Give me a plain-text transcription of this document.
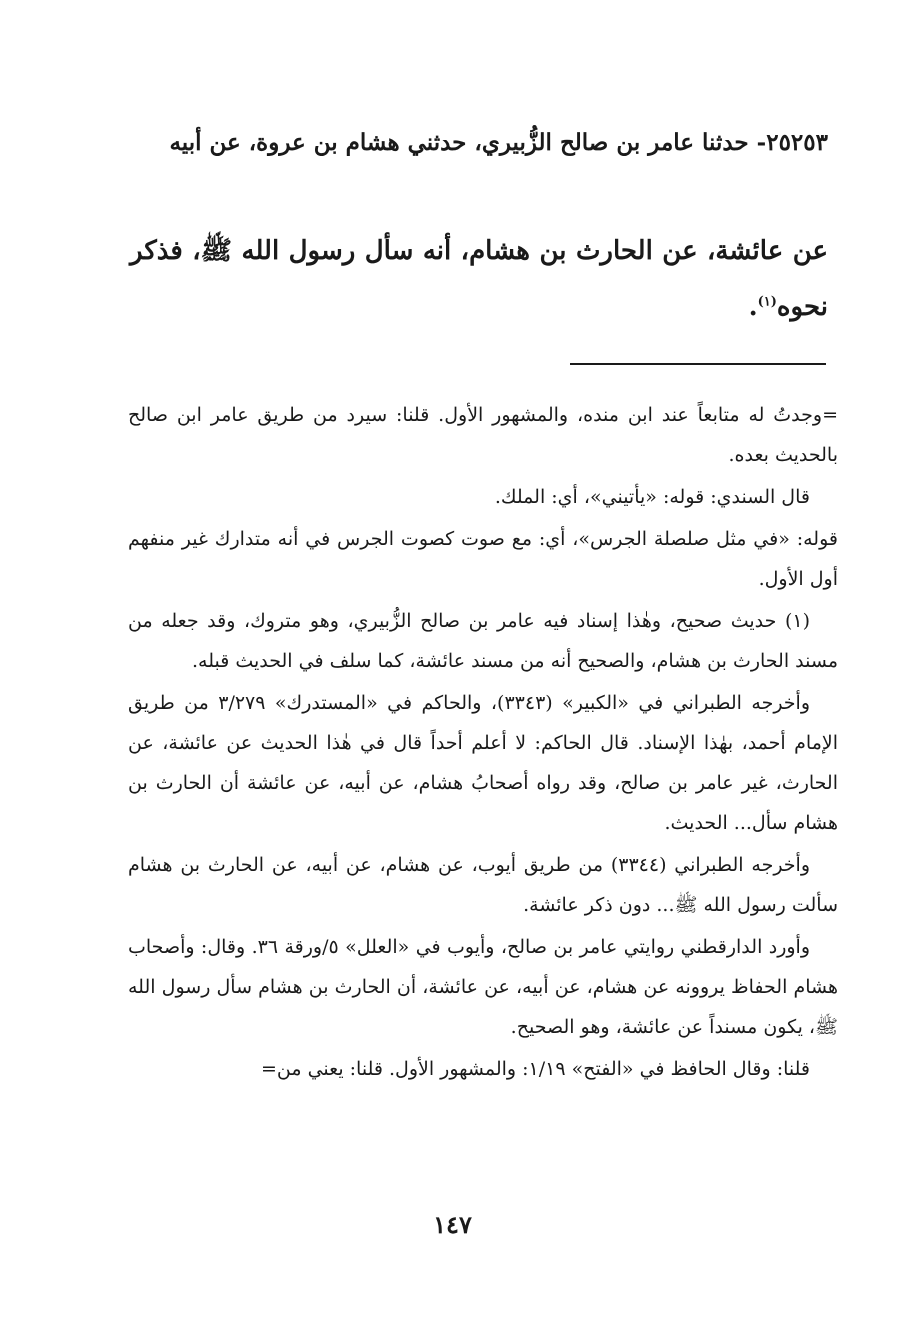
٢٥٢٥٣- حدثنا عامر بن صالح الزُّبيري، حدثني هشام بن عروة، عن أبيه

عن عائشة، عن الحارث بن هشام، أنه سأل رسول الله ﷺ، فذكر نحوه$^{(١)}$.

=وجدتُ له متابعاً عند ابن منده، والمشهور الأول. قلنا: سيرد من طريق عامر ابن صالح بالحديث بعده.

قال السندي: قوله: «يأتيني»، أي: الملك.

قوله: «في مثل صلصلة الجرس»، أي: مع صوت كصوت الجرس في أنه متدارك غير منفهم أول الأول.

(١) حديث صحيح، وهٰذا إسناد فيه عامر بن صالح الزُّبيري، وهو متروك، وقد جعله من مسند الحارث بن هشام، والصحيح أنه من مسند عائشة، كما سلف في الحديث قبله.

وأخرجه الطبراني في «الكبير» (٣٣٤٣)، والحاكم في «المستدرك» ٣/٢٧٩ من طريق الإمام أحمد، بهٰذا الإسناد. قال الحاكم: لا أعلم أحداً قال في هٰذا الحديث عن عائشة، عن الحارث، غير عامر بن صالح، وقد رواه أصحابُ هشام، عن أبيه، عن عائشة أن الحارث بن هشام سأل... الحديث.

وأخرجه الطبراني (٣٣٤٤) من طريق أيوب، عن هشام، عن أبيه، عن الحارث بن هشام سألت رسول الله ﷺ... دون ذكر عائشة.

وأورد الدارقطني روايتي عامر بن صالح، وأيوب في «العلل» ٥/ورقة ٣٦. وقال: وأصحاب هشام الحفاظ يروونه عن هشام، عن أبيه، عن عائشة، أن الحارث بن هشام سأل رسول الله ﷺ، يكون مسنداً عن عائشة، وهو الصحيح.

قلنا: وقال الحافظ في «الفتح» ١/١٩: والمشهور الأول. قلنا: يعني من=

١٤٧
